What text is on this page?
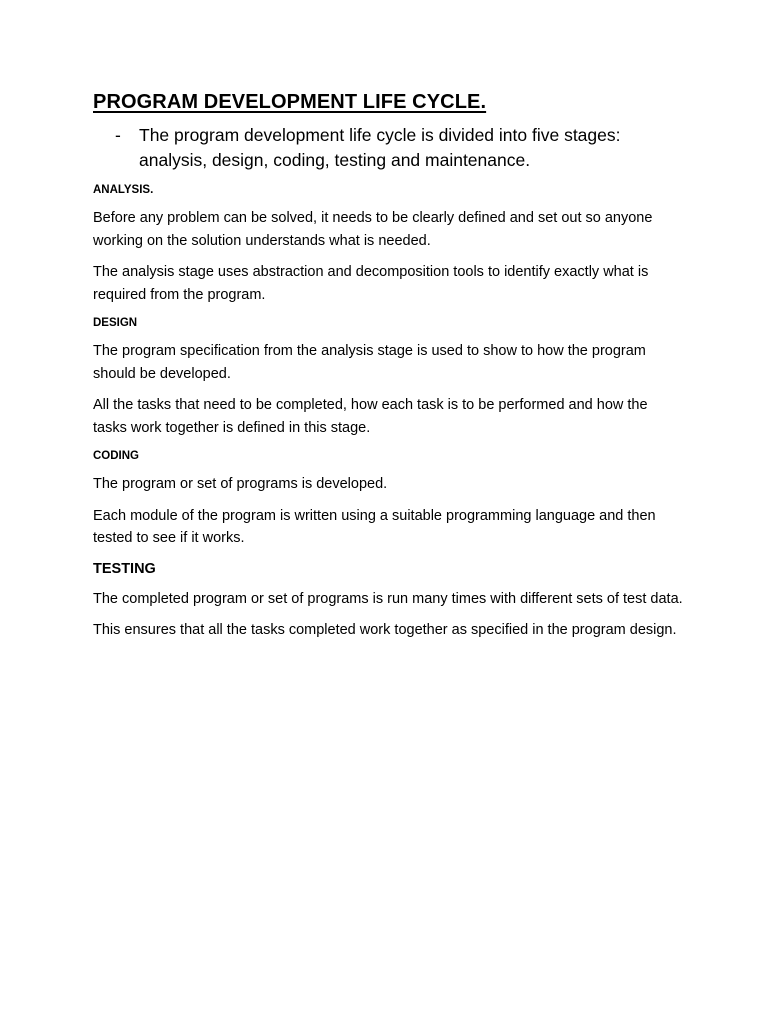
PROGRAM DEVELOPMENT LIFE CYCLE.
-	The program development life cycle is divided into five stages: analysis, design, coding, testing and maintenance.
ANALYSIS.

Before any problem can be solved, it needs to be clearly defined and set out so anyone working on the solution understands what is needed.

The analysis stage uses abstraction and decomposition tools to identify exactly what is required from the program.

DESIGN

The program specification from the analysis stage is used to show to how the program should be developed.

All the tasks that need to be completed, how each task is to be performed and how the tasks work together is defined in this stage.

CODING

The program or set of programs is developed.

Each module of the program is written using a suitable programming language and then tested to see if it works.

TESTING

The completed program or set of programs is run many times with different sets of test data.

This ensures that all the tasks completed work together as specified in the program design.
